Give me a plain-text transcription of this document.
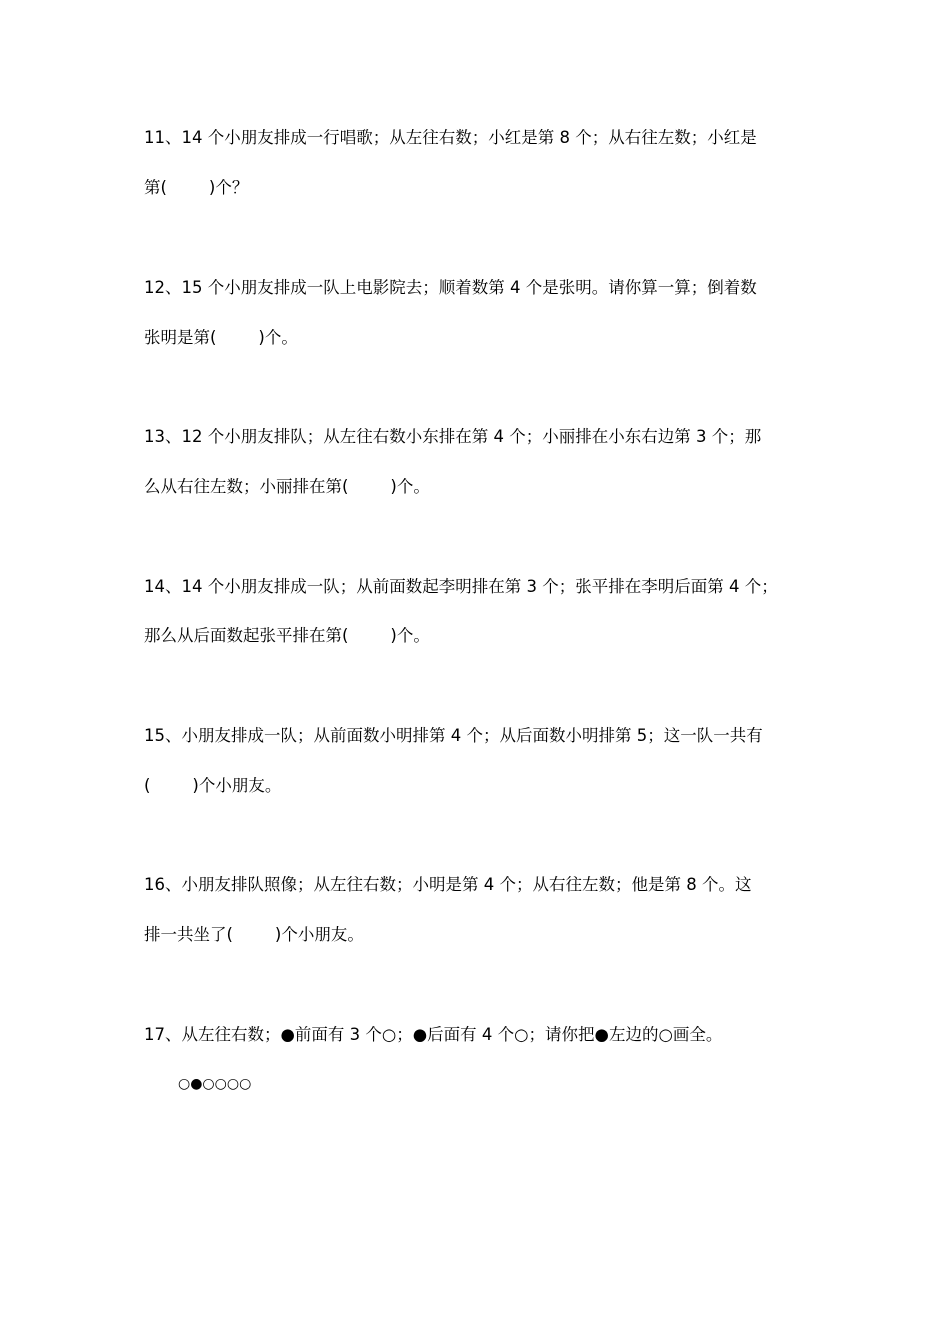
11、14 个小朋友排成一行唱歌；从左往右数；小红是第 8 个；从右往左数；小红是
第(        )个？
12、15 个小朋友排成一队上电影院去；顺着数第 4 个是张明。请你算一算；倒着数
张明是第(        )个。
13、12 个小朋友排队；从左往右数小东排在第 4 个；小丽排在小东右边第 3 个；那
么从右往左数；小丽排在第(        )个。
14、14 个小朋友排成一队；从前面数起李明排在第 3 个；张平排在李明后面第 4 个；
那么从后面数起张平排在第(        )个。
15、小朋友排成一队；从前面数小明排第 4 个；从后面数小明排第 5；这一队一共有
(        )个小朋友。
16、小朋友排队照像；从左往右数；小明是第 4 个；从右往左数；他是第 8 个。这
排一共坐了(        )个小朋友。
17、从左往右数；●前面有 3 个○；●后面有 4 个○；请你把●左边的○画全。
○●○○○○
